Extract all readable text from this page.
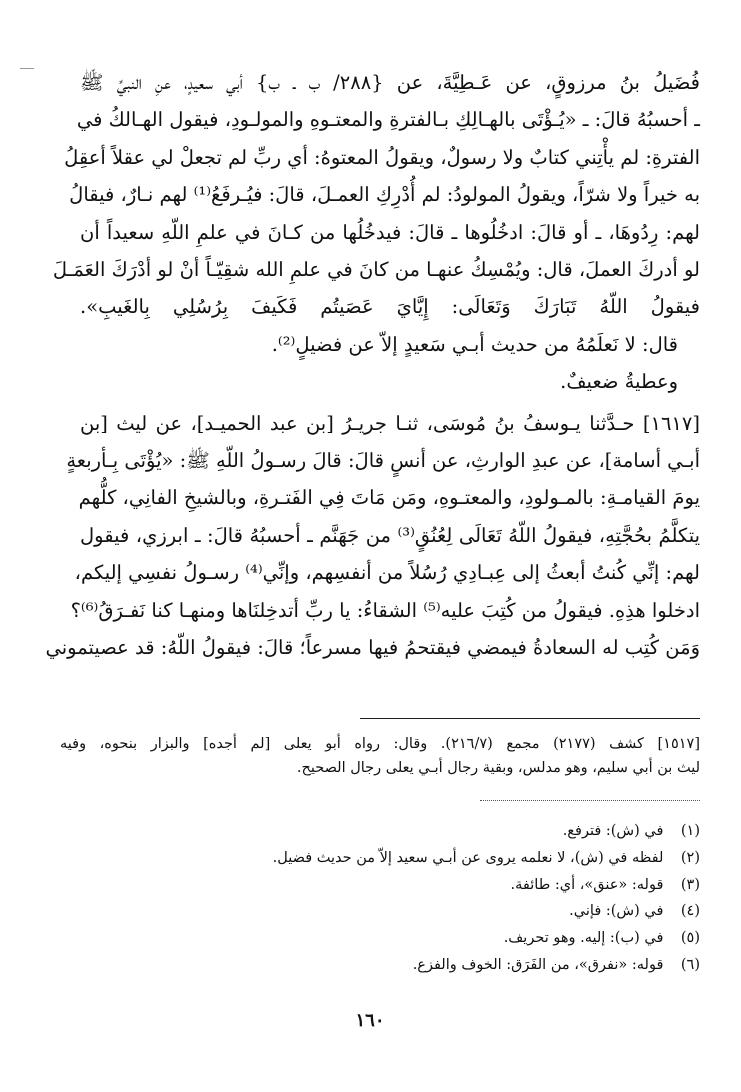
فُضَيلُ بنُ مرزوقٍ، عن عَـطِيَّةَ، عن {٢٨٨/ ب ـ ب} أبي سعيدٍ، عنِ النبيِّ ﷺ

ـ أحسبُهُ قالَ: ـ «يُـؤْتَى بالهـالِكِ بـالفترةِ والمعتـوهِ والمولـودِ، فيقول الهـالكُ في

الفترةِ: لم يأْتِني كتابٌ ولا رسولٌ، ويقولُ المعتوهُ: أي ربِّ لم تجعلْ لي عقلاً أعقِلُ

به خيراً ولا شرّاً، ويقولُ المولودُ: لم أُدْرِكِ العمـلَ، قالَ: فيُـرفَعُ⁽¹⁾ لهم نـارٌ، فيقالُ

لهم: رِدُوهَا، ـ أو قالَ: ادخُلُوها ـ قالَ: فيدخُلُها من كـانَ في علمِ اللّهِ سعيداً أن

لو أدركَ العملَ، قال: ويُمْسِكُ عنهـا من كانَ في علمِ الله شقِيّـاً أنْ لو أدْرَكَ العَمَـلَ

فيقولُ اللّهُ تَبَارَكَ وَتَعَالَى: إِيَّايَ عَصَيتُم فَكَيفَ بِرُسُلِي بِالغَيبِ».

قال: لا نَعلَمُهُ من حديث أبـي سَعيدٍ إلاّ عن فضيلٍ⁽²⁾.

وعطيةُ ضعيفٌ.

[١٦١٧] حـدَّثنا يـوسفُ بنُ مُوسَى، ثنـا جريـرُ [بن عبد الحميـد]، عن ليث [بن

أبـي أسامة]، عن عبدِ الوارثِ، عن أنسٍ قالَ: قالَ رسـولُ اللّهِ ﷺ: «يُؤْتَى بِـأربعةٍ

يومَ القيامـةِ: بالمـولودِ، والمعتـوهِ، ومَن مَاتَ فِي الفَتـرةِ، وبالشيخِ الفانِي، كلُّهم

يتكلَّمُ بحُجَّتِهِ، فيقولُ اللّهُ تَعَالَى لِعُنُقٍ⁽³⁾ من جَهَنَّم ـ أحسبُهُ قالَ: ـ ابرزي، فيقول

لهم: إنِّي كُنتُ أبعثُ إلى عِبـادِي رُسُلاً من أنفسِهم، وإنِّي⁽⁴⁾ رسـولُ نفسِي إليكم،

ادخلوا هذِهِ. فيقولُ من كُتِبَ عليه⁽⁵⁾ الشقاءُ: يا ربِّ أتدخِلنَاها ومنهـا كنا نَفـرَقُ⁽⁶⁾؟

وَمَن كُتِب له السعادةُ فيمضي فيقتحمُ فيها مسرعاً؛ قالَ: فيقولُ اللّهُ: قد عصيتموني

[١٥١٧] كشف (٢١٧٧) مجمع (٢١٦/٧). وقال: رواه أبو يعلى [لم أجده] والبزار بنحوه، وفيه
ليث بن أبي سليم، وهو مدلس، وبقية رجال أبـي يعلى رجال الصحيح.
(١) في (ش): فترفع.
(٢) لفظه في (ش)، لا نعلمه يروى عن أبـي سعيد إلاّ من حديث فضيل.
(٣) قوله: «عنق»، أي: طائفة.
(٤) في (ش): فإني.
(٥) في (ب): إليه. وهو تحريف.
(٦) قوله: «نفرق»، من الفَرَق: الخوف والفزع.
١٦٠
